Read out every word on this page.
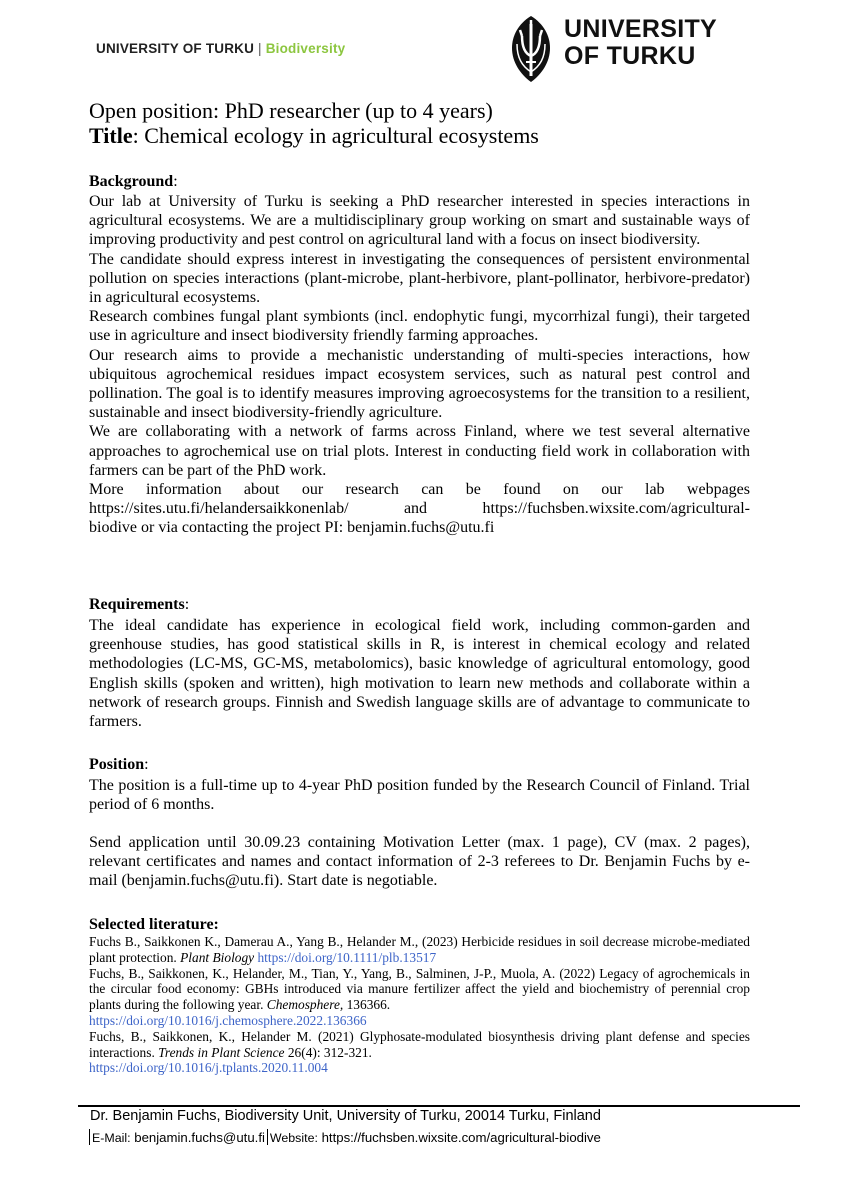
UNIVERSITY OF TURKU | Biodiversity
UNIVERSITY
OF TURKU
Open position: PhD researcher (up to 4 years)
Title: Chemical ecology in agricultural ecosystems
Background:

Our lab at University of Turku is seeking a PhD researcher interested in species interactions in agricultural ecosystems. We are a multidisciplinary group working on smart and sustainable ways of improving productivity and pest control on agricultural land with a focus on insect biodiversity.

The candidate should express interest in investigating the consequences of persistent environmental pollution on species interactions (plant-microbe, plant-herbivore, plant-pollinator, herbivore-predator) in agricultural ecosystems.

Research combines fungal plant symbionts (incl. endophytic fungi, mycorrhizal fungi), their targeted use in agriculture and insect biodiversity friendly farming approaches.

Our research aims to provide a mechanistic understanding of multi-species interactions, how ubiquitous agrochemical residues impact ecosystem services, such as natural pest control and pollination. The goal is to identify measures improving agroecosystems for the transition to a resilient, sustainable and insect biodiversity-friendly agriculture.

We are collaborating with a network of farms across Finland, where we test several alternative approaches to agrochemical use on trial plots. Interest in conducting field work in collaboration with farmers can be part of the PhD work.

More information about our research can be found on our lab webpages

https://sites.utu.fi/helandersaikkonenlab/ and https://fuchsben.wixsite.com/agricultural-

biodive or via contacting the project PI: benjamin.fuchs@utu.fi

Requirements:

The ideal candidate has experience in ecological field work, including common-garden and greenhouse studies, has good statistical skills in R, is interest in chemical ecology and related methodologies (LC-MS, GC-MS, metabolomics), basic knowledge of agricultural entomology, good English skills (spoken and written), high motivation to learn new methods and collaborate within a network of research groups. Finnish and Swedish language skills are of advantage to communicate to farmers.

Position:

The position is a full-time up to 4-year PhD position funded by the Research Council of Finland. Trial period of 6 months.

Send application until 30.09.23 containing Motivation Letter (max. 1 page), CV (max. 2 pages), relevant certificates and names and contact information of 2-3 referees to Dr. Benjamin Fuchs by e-mail (benjamin.fuchs@utu.fi). Start date is negotiable.

Selected literature:

Fuchs B., Saikkonen K., Damerau A., Yang B., Helander M., (2023) Herbicide residues in soil decrease microbe-mediated plant protection. Plant Biology https://doi.org/10.1111/plb.13517

Fuchs, B., Saikkonen, K., Helander, M., Tian, Y., Yang, B., Salminen, J-P., Muola, A. (2022) Legacy of agrochemicals in the circular food economy: GBHs introduced via manure fertilizer affect the yield and biochemistry of perennial crop plants during the following year. Chemosphere, 136366.
https://doi.org/10.1016/j.chemosphere.2022.136366

Fuchs, B., Saikkonen, K., Helander M. (2021) Glyphosate-modulated biosynthesis driving plant defense and species interactions. Trends in Plant Science 26(4): 312-321.
https://doi.org/10.1016/j.tplants.2020.11.004

Dr. Benjamin Fuchs, Biodiversity Unit, University of Turku, 20014 Turku, Finland
E-Mail: benjamin.fuchs@utu.fi Website: https://fuchsben.wixsite.com/agricultural-biodive
